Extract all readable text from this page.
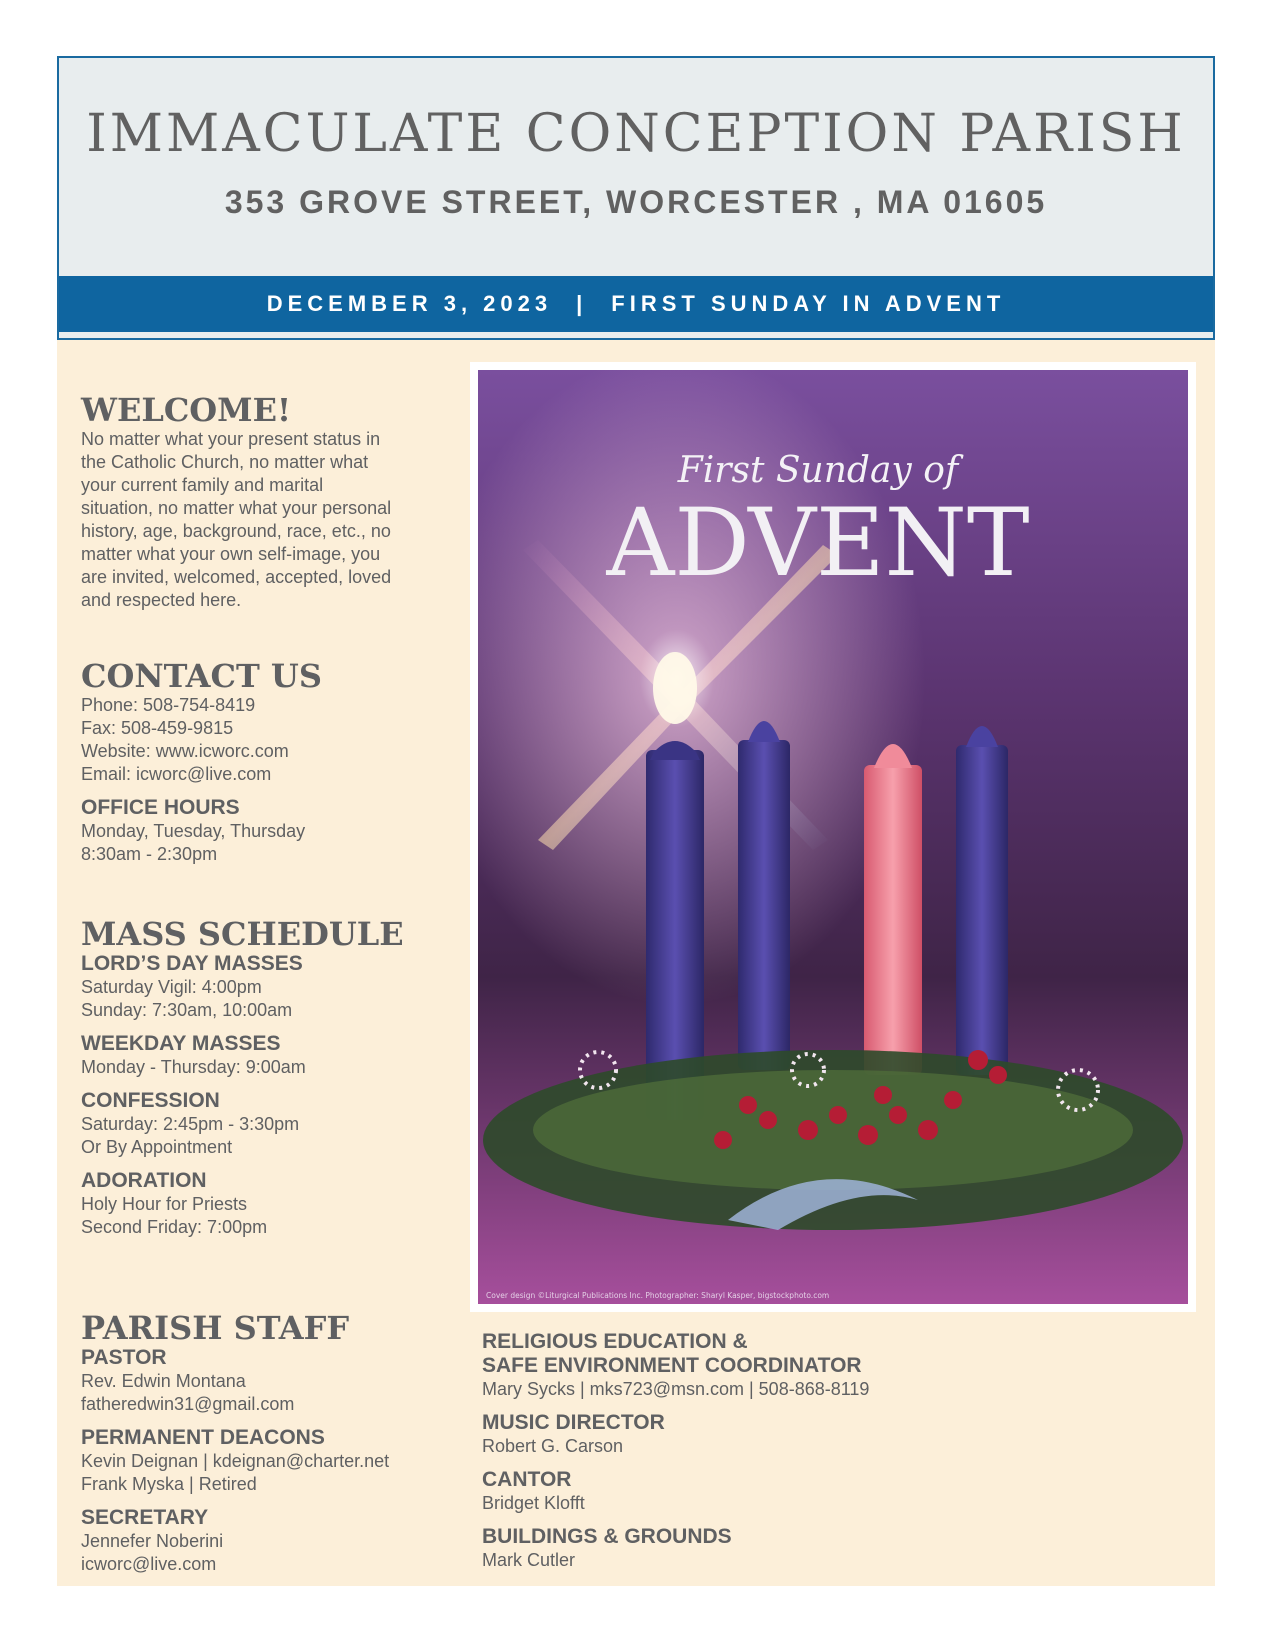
IMMACULATE CONCEPTION PARISH
353 GROVE STREET, WORCESTER , MA 01605
DECEMBER 3, 2023 | FIRST SUNDAY IN ADVENT
WELCOME!

No matter what your present status in
the Catholic Church, no matter what
your current family and marital
situation, no matter what your personal
history, age, background, race, etc., no
matter what your own self-image, you
are invited, welcomed, accepted, loved
and respected here.

CONTACT US

Phone: 508-754-8419
Fax: 508-459-9815
Website: www.icworc.com
Email: icworc@live.com

OFFICE HOURS

Monday, Tuesday, Thursday
8:30am - 2:30pm

MASS SCHEDULE
LORD’S DAY MASSES

Saturday Vigil: 4:00pm
Sunday: 7:30am, 10:00am

WEEKDAY MASSES

Monday - Thursday: 9:00am

CONFESSION

Saturday: 2:45pm - 3:30pm
Or By Appointment

ADORATION

Holy Hour for Priests
Second Friday: 7:00pm

PARISH STAFF
PASTOR

Rev. Edwin Montana
fatheredwin31@gmail.com

PERMANENT DEACONS

Kevin Deignan | kdeignan@charter.net
Frank Myska | Retired

SECRETARY

Jennefer Noberini
icworc@live.com

First Sunday of
ADVENT
Cover design ©Liturgical Publications Inc. Photographer: Sharyl Kasper, bigstockphoto.com
RELIGIOUS EDUCATION &
SAFE ENVIRONMENT COORDINATOR

Mary Sycks | mks723@msn.com | 508-868-8119

MUSIC DIRECTOR

Robert G. Carson

CANTOR

Bridget Klofft

BUILDINGS & GROUNDS

Mark Cutler
